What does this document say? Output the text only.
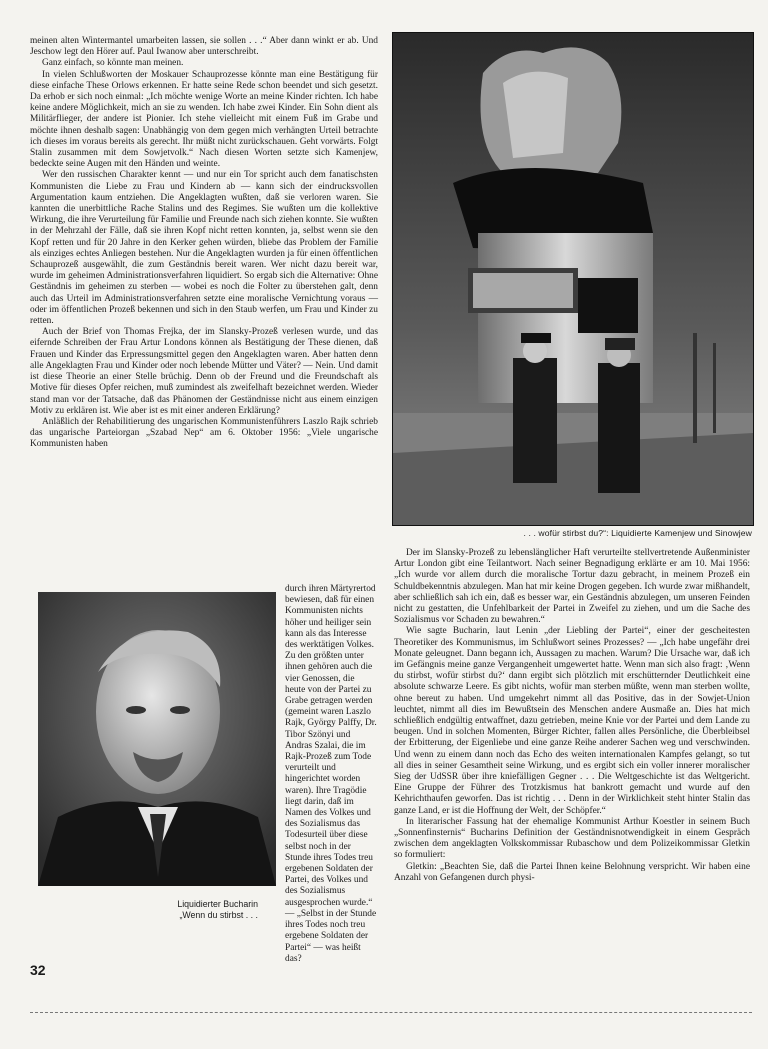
meinen alten Wintermantel umarbeiten lassen, sie sollen . . .“ Aber dann winkt er ab. Und Jeschow legt den Hörer auf. Paul Iwanow aber unterschreibt.

Ganz einfach, so könnte man meinen.

In vielen Schlußworten der Moskauer Schauprozesse könnte man eine Bestätigung für diese einfache These Orlows erkennen. Er hatte seine Rede schon beendet und sich gesetzt. Da erhob er sich noch einmal: „Ich möchte wenige Worte an meine Kinder richten. Ich habe keine andere Möglichkeit, mich an sie zu wenden. Ich habe zwei Kinder. Ein Sohn dient als Militärflieger, der andere ist Pionier. Ich stehe vielleicht mit einem Fuß im Grabe und möchte ihnen deshalb sagen: Unabhängig von dem gegen mich verhängten Urteil betrachte ich dieses im voraus bereits als gerecht. Ihr müßt nicht zurückschauen. Geht vorwärts. Folgt Stalin zusammen mit dem Sowjetvolk.“ Nach diesen Worten setzte sich Kamenjew, bedeckte seine Augen mit den Händen und weinte.

Wer den russischen Charakter kennt — und nur ein Tor spricht auch dem fanatischsten Kommunisten die Liebe zu Frau und Kindern ab — kann sich der eindrucksvollen Argumentation kaum entziehen. Die Angeklagten wußten, daß sie verloren waren. Sie kannten die unerbittliche Rache Stalins und des Regimes. Sie wußten um die kollektive Wirkung, die ihre Verurteilung für Familie und Freunde nach sich ziehen konnte. Sie wußten in der Mehrzahl der Fälle, daß sie ihren Kopf nicht retten konnten, ja, selbst wenn sie den Kopf retten und für 20 Jahre in den Kerker gehen würden, bliebe das Problem der Familie als einziges echtes Anliegen bestehen. Nur die Angeklagten wurden ja für einen öffentlichen Schauprozeß ausgewählt, die zum Geständnis bereit waren. Wer nicht dazu bereit war, wurde im geheimen Administrationsverfahren liquidiert. So ergab sich die Alternative: Ohne Geständnis im geheimen zu sterben — wobei es noch die Folter zu überstehen galt, denn auch das Urteil im Administrationsverfahren setzte eine moralische Vernichtung voraus — oder im öffentlichen Prozeß bekennen und sich in den Staub werfen, um Frau und Kinder zu retten.

Auch der Brief von Thomas Frejka, der im Slansky-Prozeß verlesen wurde, und das eifernde Schreiben der Frau Artur Londons können als Bestätigung der These dienen, daß Frauen und Kinder das Erpressungsmittel gegen den Angeklagten waren. Aber hatten denn alle Angeklagten Frau und Kinder oder noch lebende Mütter und Väter? — Nein. Und damit ist diese Theorie an einer Stelle brüchig. Denn ob der Freund und die Freundschaft als Motive für dieses Opfer reichen, muß zumindest als zweifelhaft bezeichnet werden. Wieder stand man vor der Tatsache, daß das Phänomen der Geständnisse nicht aus einem einzigen Motiv zu erklären ist. Wie aber ist es mit einer anderen Erklärung?

Anläßlich der Rehabilitierung des ungarischen Kommunistenführers Laszlo Rajk schrieb das ungarische Parteiorgan „Szabad Nep“ am 6. Oktober 1956: „Viele ungarische Kommunisten haben

. . . wofür stirbst du?“: Liquidierte Kamenjew und Sinowjew
Liquidierter Bucharin
„Wenn du stirbst . . .

durch ihren Märtyrertod bewiesen, daß für einen Kommunisten nichts höher und heiliger sein kann als das Interesse des werktätigen Volkes. Zu den größten unter ihnen gehören auch die vier Genossen, die heute von der Partei zu Grabe getragen werden (gemeint waren Laszlo Rajk, György Palffy, Dr. Tibor Szönyi und Andras Szalai, die im Rajk-Prozeß zum Tode verurteilt und hingerichtet worden waren). Ihre Tragödie liegt darin, daß im Namen des Volkes und des Sozialismus das Todesurteil über diese selbst noch in der Stunde ihres Todes treu ergebenen Soldaten der Partei, des Volkes und des Sozialismus ausgesprochen wurde.“ — „Selbst in der Stunde ihres Todes noch treu ergebene Soldaten der Partei“ — was heißt das?

Der im Slansky-Prozeß zu lebenslänglicher Haft verurteilte stellvertretende Außenminister Artur London gibt eine Teilantwort. Nach seiner Begnadigung erklärte er am 10. Mai 1956: „Ich wurde vor allem durch die moralische Tortur dazu gebracht, in meinem Prozeß ein Schuldbekenntnis abzulegen. Man hat mir keine Drogen gegeben. Ich wurde zwar mißhandelt, aber schließlich sah ich ein, daß es besser war, ein Geständnis abzulegen, um unseren Feinden nicht zu gestatten, die Unfehlbarkeit der Partei in Zweifel zu ziehen, und um die Sache des Sozialismus vor Schaden zu bewahren.“

Wie sagte Bucharin, laut Lenin „der Liebling der Partei“, einer der gescheitesten Theoretiker des Kommunismus, im Schlußwort seines Prozesses? — „Ich habe ungefähr drei Monate geleugnet. Dann begann ich, Aussagen zu machen. Warum? Die Ursache war, daß ich im Gefängnis meine ganze Vergangenheit umgewertet hatte. Wenn man sich also fragt: ‚Wenn du stirbst, wofür stirbst du?‘ dann ergibt sich plötzlich mit erschütternder Deutlichkeit eine absolute schwarze Leere. Es gibt nichts, wofür man sterben müßte, wenn man sterben wollte, ohne bereut zu haben. Und umgekehrt nimmt all das Positive, das in der Sowjet-Union leuchtet, nimmt all dies im Bewußtsein des Menschen andere Ausmaße an. Dies hat mich schließlich endgültig entwaffnet, dazu getrieben, meine Knie vor der Partei und dem Lande zu beugen. Und in solchen Momenten, Bürger Richter, fallen alles Persönliche, die Überbleibsel der Erbitterung, der Eigenliebe und eine ganze Reihe anderer Sachen weg und verschwinden. Und wenn zu einem dann noch das Echo des weiten internationalen Kampfes gelangt, so tut all dies in seiner Gesamtheit seine Wirkung, und es ergibt sich ein voller innerer moralischer Sieg der UdSSR über ihre kniefälligen Gegner . . . Die Weltgeschichte ist das Weltgericht. Eine Gruppe der Führer des Trotzkismus hat bankrott gemacht und wurde auf den Kehrichthaufen geworfen. Das ist richtig . . . Denn in der Wirklichkeit steht hinter Stalin das ganze Land, er ist die Hoffnung der Welt, der Schöpfer.“

In literarischer Fassung hat der ehemalige Kommunist Arthur Koestler in seinem Buch „Sonnenfinsternis“ Bucharins Definition der Geständnisnotwendigkeit in einem Gespräch zwischen dem angeklagten Volkskommissar Rubaschow und dem Polizeikommissar Gletkin so formuliert:

Gletkin: „Beachten Sie, daß die Partei Ihnen keine Belohnung verspricht. Wir haben eine Anzahl von Gefangenen durch physi-

32
